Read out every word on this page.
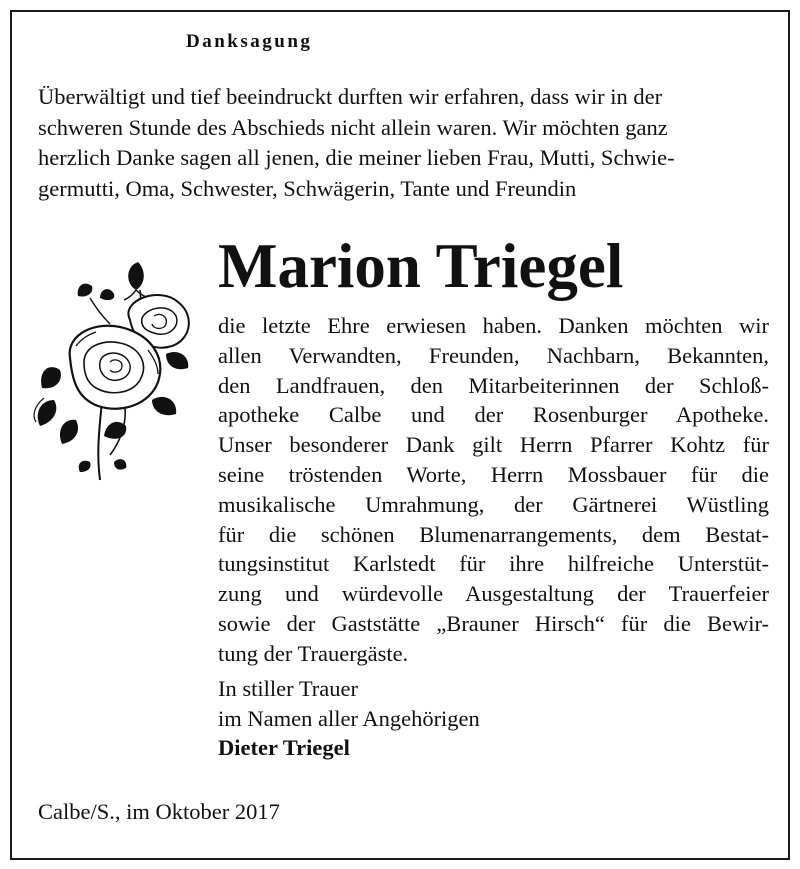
Danksagung
Überwältigt und tief beeindruckt durften wir erfahren, dass wir in der
schweren Stunde des Abschieds nicht allein waren. Wir möchten ganz
herzlich Danke sagen all jenen, die meiner lieben Frau, Mutti, Schwie-
germutti, Oma, Schwester, Schwägerin, Tante und Freundin
Marion Triegel
die letzte Ehre erwiesen haben. Danken möchten wir
allen Verwandten, Freunden, Nachbarn, Bekannten,
den Landfrauen, den Mitarbeiterinnen der Schloß-
apotheke Calbe und der Rosenburger Apotheke.
Unser besonderer Dank gilt Herrn Pfarrer Kohtz für
seine tröstenden Worte, Herrn Mossbauer für die
musikalische Umrahmung, der Gärtnerei Wüstling
für die schönen Blumenarrangements, dem Bestat-
tungsinstitut Karlstedt für ihre hilfreiche Unterstüt-
zung und würdevolle Ausgestaltung der Trauerfeier
sowie der Gaststätte „Brauner Hirsch“ für die Bewir-
tung der Trauergäste.
In stiller Trauer
im Namen aller Angehörigen
Dieter Triegel
Calbe/S., im Oktober 2017
